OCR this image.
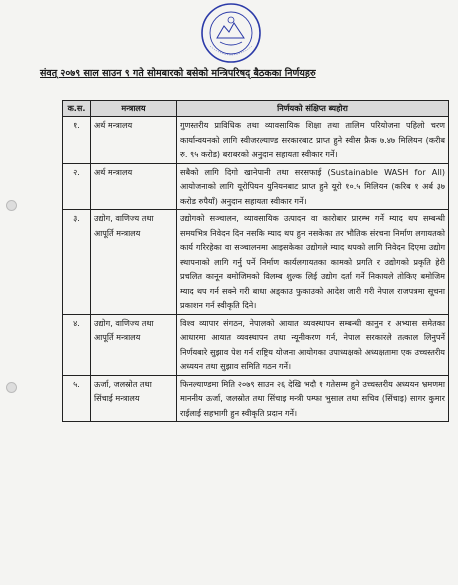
संवत् २०७९ साल साउन ९ गते सोमबारको बसेको मन्त्रिपरिषद् बैठकका निर्णयहरु
क.स.	मन्त्रालय	निर्णयको संक्षिप्त ब्यहोरा
१.	अर्थ मन्त्रालय	गुणस्तरीय प्राविधिक तथा व्यावसायिक शिक्षा तथा तालिम परियोजना पहिलो चरण कार्यान्वयनको लागि स्वीजरल्याण्ड सरकारबाट प्राप्त हुने स्वीस फ्रैक ७.४७ मिलियन (करीब रु. ९५ करोड) बराबरको अनुदान सहायता स्वीकार गर्ने।
२.	अर्थ मन्त्रालय	सबैको लागि दिगो खानेपानी तथा सरसफाई (Sustainable WASH for All) आयोजनाको लागि यूरोपियन युनियनबाट प्राप्त हुने यूरो १०.५ मिलियन (करिब १ अर्ब ३७ करोड रुपैयाँ) अनुदान सहायता स्वीकार गर्ने।
३.	उद्योग, वाणिज्य तथा आपूर्ति मन्त्रालय	उद्योगको सञ्चालन, व्यावसायिक उत्पादन वा कारोबार प्रारम्भ गर्ने म्याद थप सम्बन्धी समयभित्र निवेदन दिन नसकि म्याद थप हुन नसकेका तर भौतिक संरचना निर्माण लगायतको कार्य गरिरहेका वा सञ्चालनमा आइसकेका उद्योगले म्याद थपको लागि निवेदन दिएमा उद्योग स्थापनाको लागि गर्नु पर्ने निर्माण कार्यलगायतका कामको प्रगति र उद्योगको प्रकृति हेरी प्रचलित कानून बमोजिमको विलम्ब शुल्क लिई उद्योग दर्ता गर्ने निकायले तोकिए बमोजिम म्याद थप गर्न सक्ने गरी बाधा अड्काउ फुकाउको आदेश जारी गरी नेपाल राजपत्रमा सूचना प्रकाशन गर्न स्वीकृति दिने।
४.	उद्योग, वाणिज्य तथा आपूर्ति मन्त्रालय	विश्व व्यापार संगठन, नेपालको आयात व्यवस्थापन सम्बन्धी कानुन र अभ्यास समेतका आधारमा आयात व्यवस्थापन तथा न्यूनीकरण गर्न, नेपाल सरकारले तत्काल लिनुपर्ने निर्णयबारे सुझाव पेश गर्न राष्ट्रिय योजना आयोगका उपाध्यक्षको अध्यक्षतामा एक उच्चस्तरीय अध्ययन तथा सुझाव समिति गठन गर्ने।
५.	ऊर्जा, जलस्रोत तथा सिंचाई मन्त्रालय	फिनल्याण्डमा मिति २०७९ साउन २६ देखि भदौ १ गतेसम्म हुने उच्चस्तरीय अध्ययन भ्रमणमा माननीय ऊर्जा, जलस्रोत तथा सिंचाइ मन्त्री पम्फा भुसाल तथा सचिव (सिंचाइ) सागर कुमार राईलाई सहभागी हुन स्वीकृति प्रदान गर्ने।
